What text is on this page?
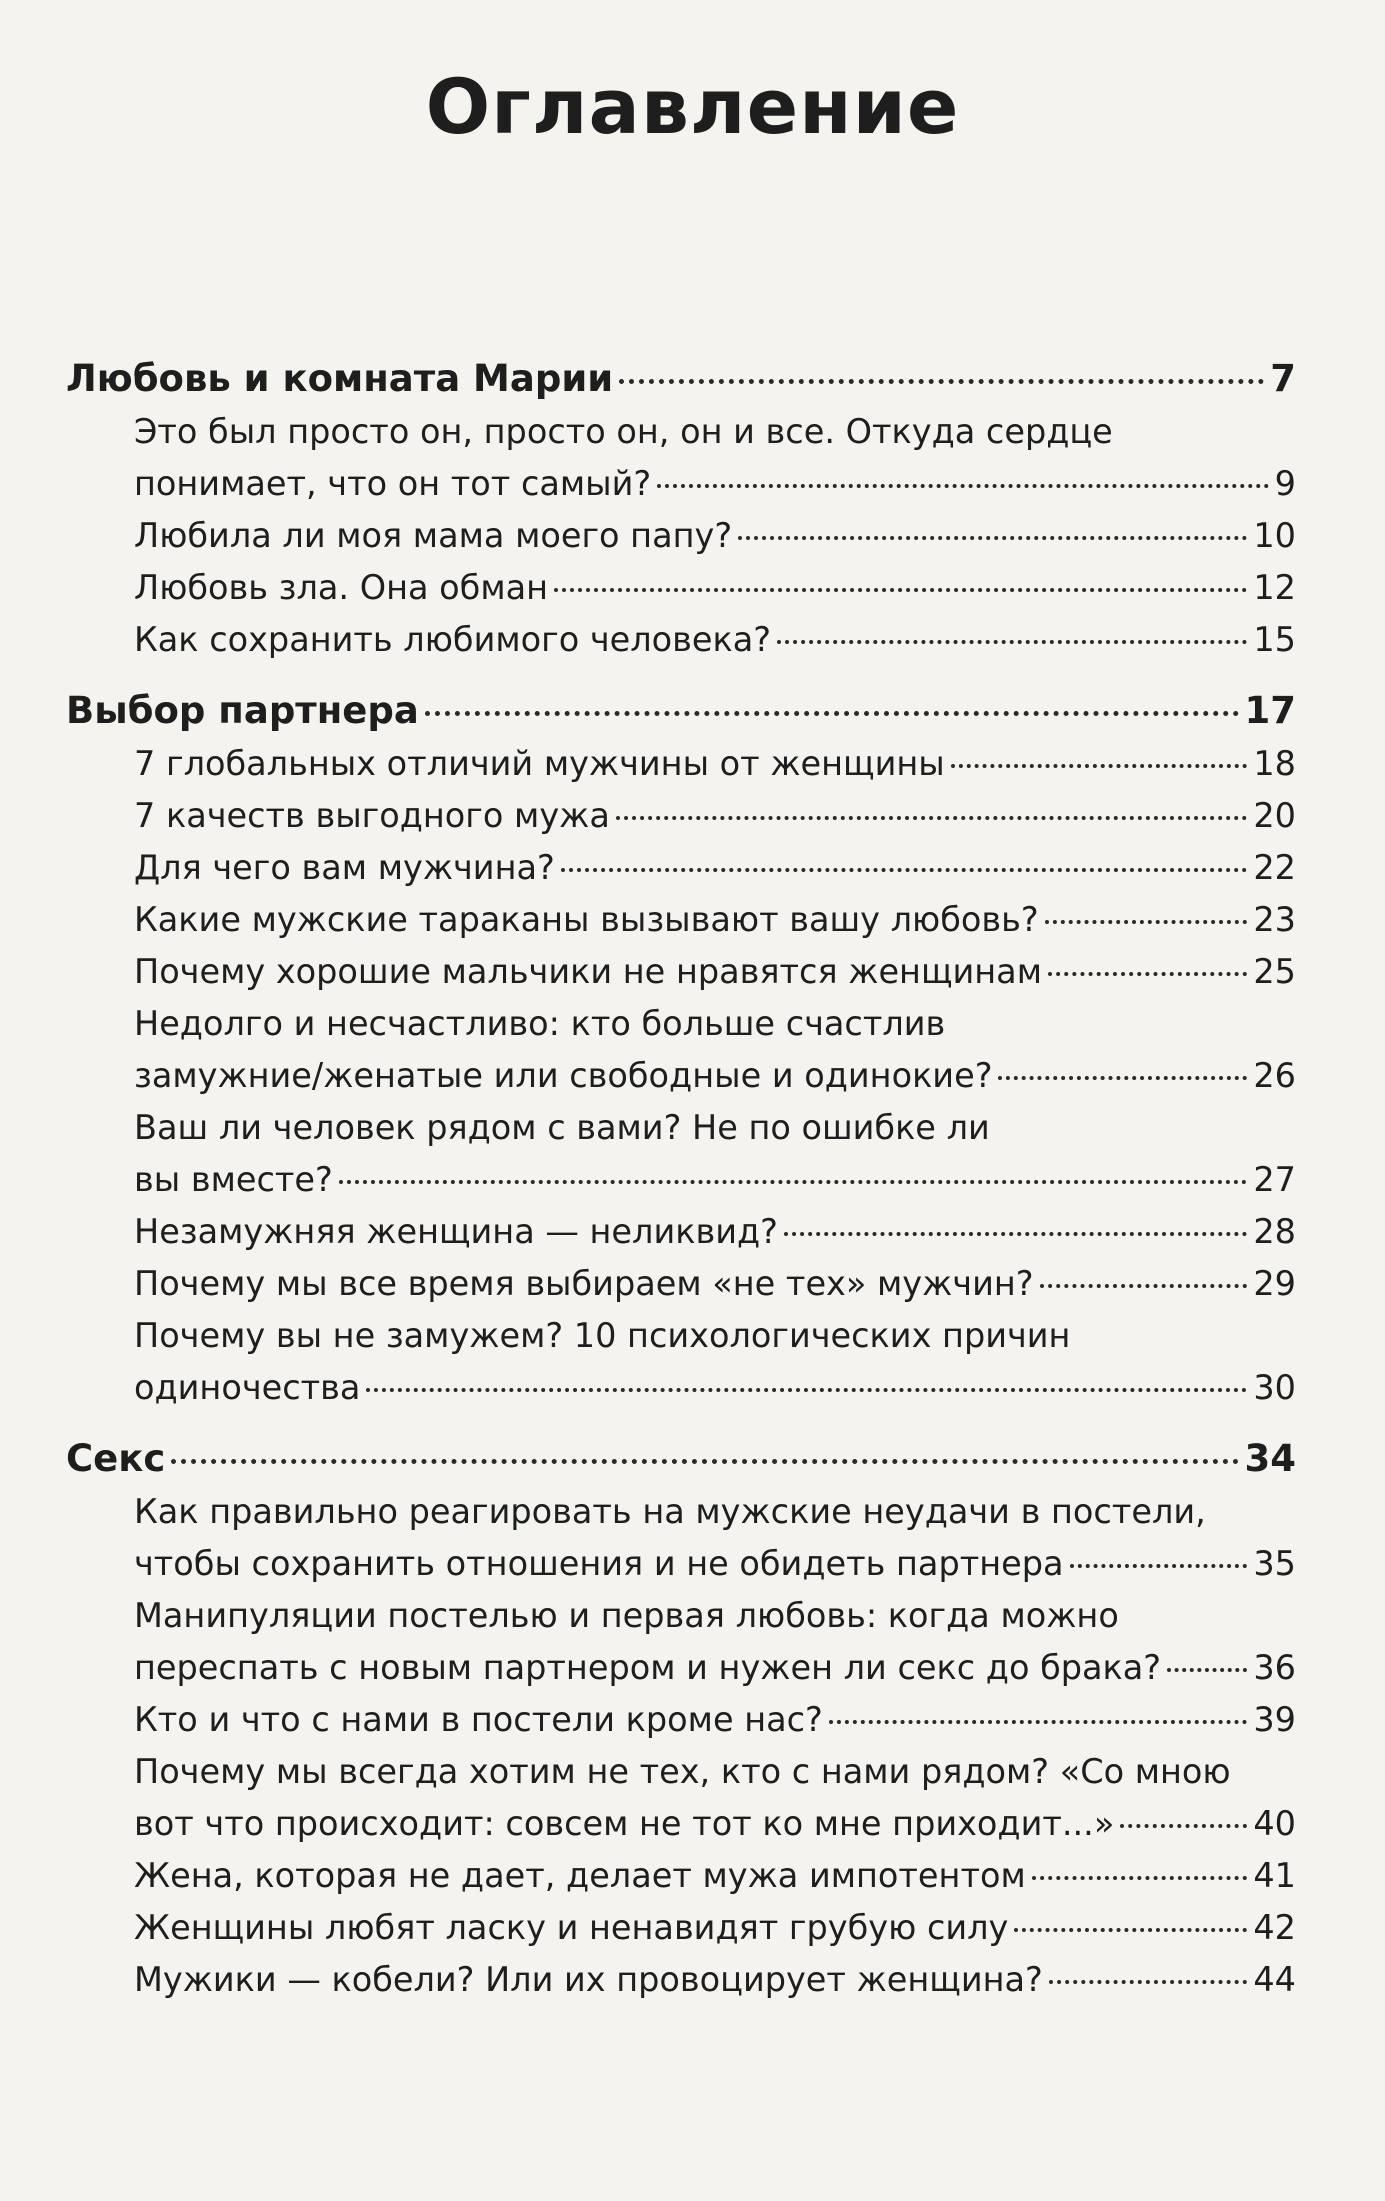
Оглавление
Любовь и комната Марии	7
Это был просто он, просто он, он и все. Откуда сердце
понимает, что он тот самый?	9
Любила ли моя мама моего папу?	10
Любовь зла. Она обман	12
Как сохранить любимого человека?	15
Выбор партнера	17
7 глобальных отличий мужчины от женщины	18
7 качеств выгодного мужа	20
Для чего вам мужчина?	22
Какие мужские тараканы вызывают вашу любовь?	23
Почему хорошие мальчики не нравятся женщинам	25
Недолго и несчастливо: кто больше счастлив
замужние/женатые или свободные и одинокие?	26
Ваш ли человек рядом с вами? Не по ошибке ли
вы вместе?	27
Незамужняя женщина — неликвид?	28
Почему мы все время выбираем «не тех» мужчин?	29
Почему вы не замужем? 10 психологических причин
одиночества	30
Секс	34
Как правильно реагировать на мужские неудачи в постели,
чтобы сохранить отношения и не обидеть партнера	35
Манипуляции постелью и первая любовь: когда можно
переспать с новым партнером и нужен ли секс до брака?	36
Кто и что с нами в постели кроме нас?	39
Почему мы всегда хотим не тех, кто с нами рядом? «Со мною
вот что происходит: совсем не тот ко мне приходит...»	40
Жена, которая не дает, делает мужа импотентом	41
Женщины любят ласку и ненавидят грубую силу	42
Мужики — кобели? Или их провоцирует женщина?	44
